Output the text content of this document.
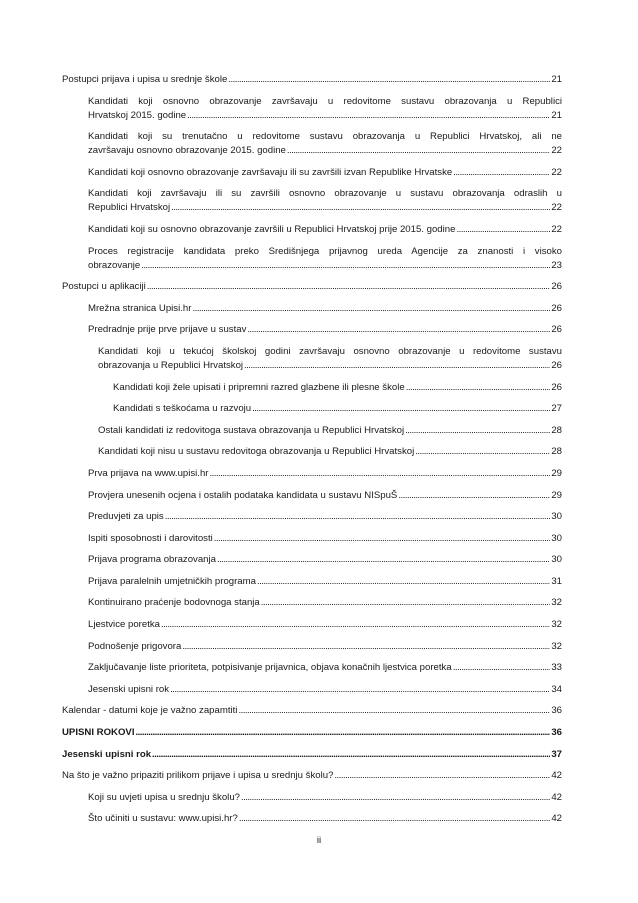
Postupci prijava i upisa u srednje škole . . .	21
Kandidati koji osnovno obrazovanje završavaju u redovitome sustavu obrazovanja u Republici
Hrvatskoj 2015. godine . . .	21
Kandidati koji su trenutačno u redovitome sustavu obrazovanja u Republici Hrvatskoj, ali ne
završavaju osnovno obrazovanje 2015. godine . . .	22
Kandidati koji osnovno obrazovanje završavaju ili su završili izvan Republike Hrvatske . . .	22
Kandidati koji završavaju ili su završili osnovno obrazovanje u sustavu obrazovanja odraslih u
Republici Hrvatskoj . . .	22
Kandidati koji su osnovno obrazovanje završili u Republici Hrvatskoj prije 2015. godine . . .	22
Proces registracije kandidata preko Središnjega prijavnog ureda Agencije za znanosti i visoko
obrazovanje . . .	23
Postupci u aplikaciji . . .	26
Mrežna stranica Upisi.hr . . .	26
Predradnje prije prve prijave u sustav . . .	26
Kandidati koji u tekućoj školskoj godini završavaju osnovno obrazovanje u redovitome sustavu
obrazovanja u Republici Hrvatskoj . . .	26
Kandidati koji žele upisati i pripremni razred glazbene ili plesne škole . . .	26
Kandidati s teškoćama u razvoju . . .	27
Ostali kandidati iz redovitoga sustava obrazovanja u Republici Hrvatskoj . . .	28
Kandidati koji nisu u sustavu redovitoga obrazovanja u Republici Hrvatskoj . . .	28
Prva prijava na www.upisi.hr . . .	29
Provjera unesenih ocjena i ostalih podataka kandidata u sustavu NISpuŠ . . .	29
Preduvjeti za upis . . .	30
Ispiti sposobnosti i darovitosti . . .	30
Prijava programa obrazovanja . . .	30
Prijava paralelnih umjetničkih programa . . .	31
Kontinuirano praćenje bodovnoga stanja . . .	32
Ljestvice poretka . . .	32
Podnošenje prigovora . . .	32
Zaključavanje liste prioriteta, potpisivanje prijavnica, objava konačnih ljestvica poretka . . .	33
Jesenski upisni rok . . .	34
Kalendar - datumi koje je važno zapamtiti . . .	36
UPISNI ROKOVI . . .	36
Jesenski upisni rok . . .	37
Na što je važno pripaziti prilikom prijave i upisa u srednju školu? . . .	42
Koji su uvjeti upisa u srednju školu? . . .	42
Što učiniti u sustavu: www.upisi.hr? . . .	42
ii
